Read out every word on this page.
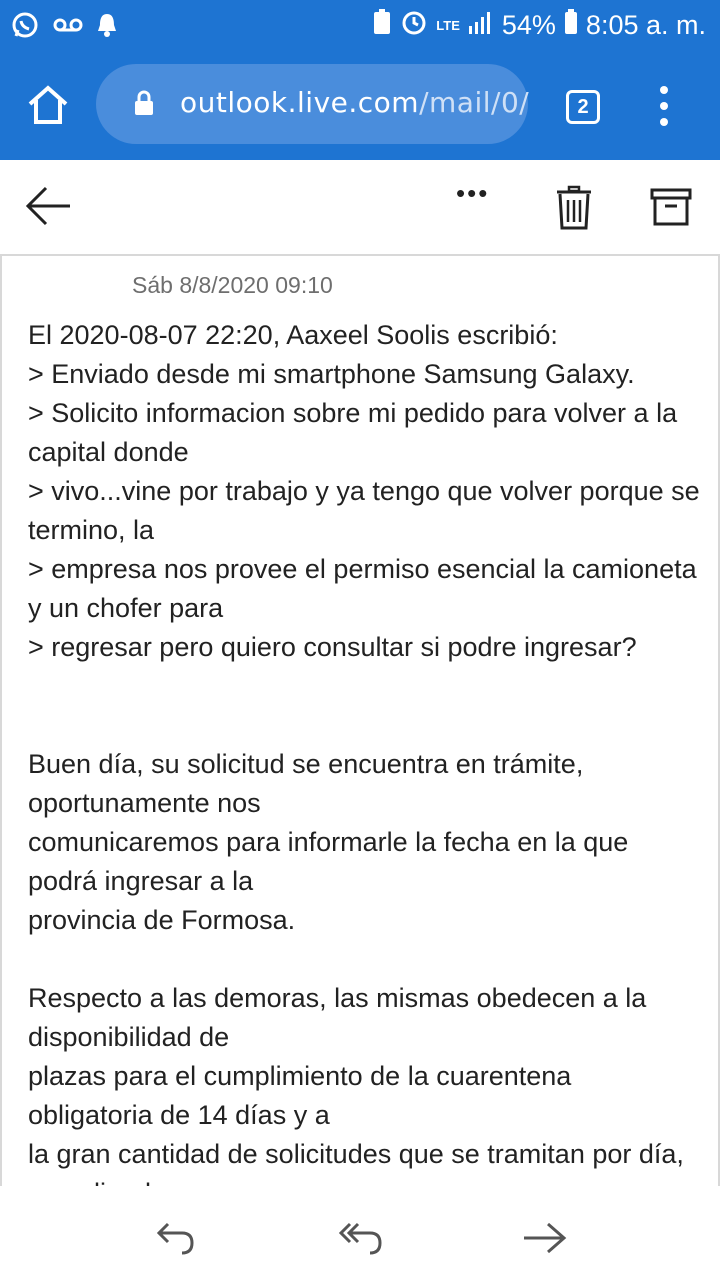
LTE 54% 8:05 a. m.
outlook.live.com/mail/0/	2
•••
Sáb 8/8/2020 09:10

El 2020-08-07 22:20, Aaxeel Soolis escribió:

> Enviado desde mi smartphone Samsung Galaxy.

> Solicito informacion sobre mi pedido para volver a la capital donde

> vivo...vine por trabajo y ya tengo que volver porque se termino, la

> empresa nos provee el permiso esencial la camioneta y un chofer para

> regresar pero quiero consultar si podre ingresar?

Buen día, su solicitud se encuentra en trámite, oportunamente nos

comunicaremos para informarle la fecha en la que podrá ingresar a la

provincia de Formosa.

Respecto a las demoras, las mismas obedecen a la disponibilidad de

plazas para el cumplimiento de la cuarentena obligatoria de 14 días y a

la gran cantidad de solicitudes que se tramitan por día,
